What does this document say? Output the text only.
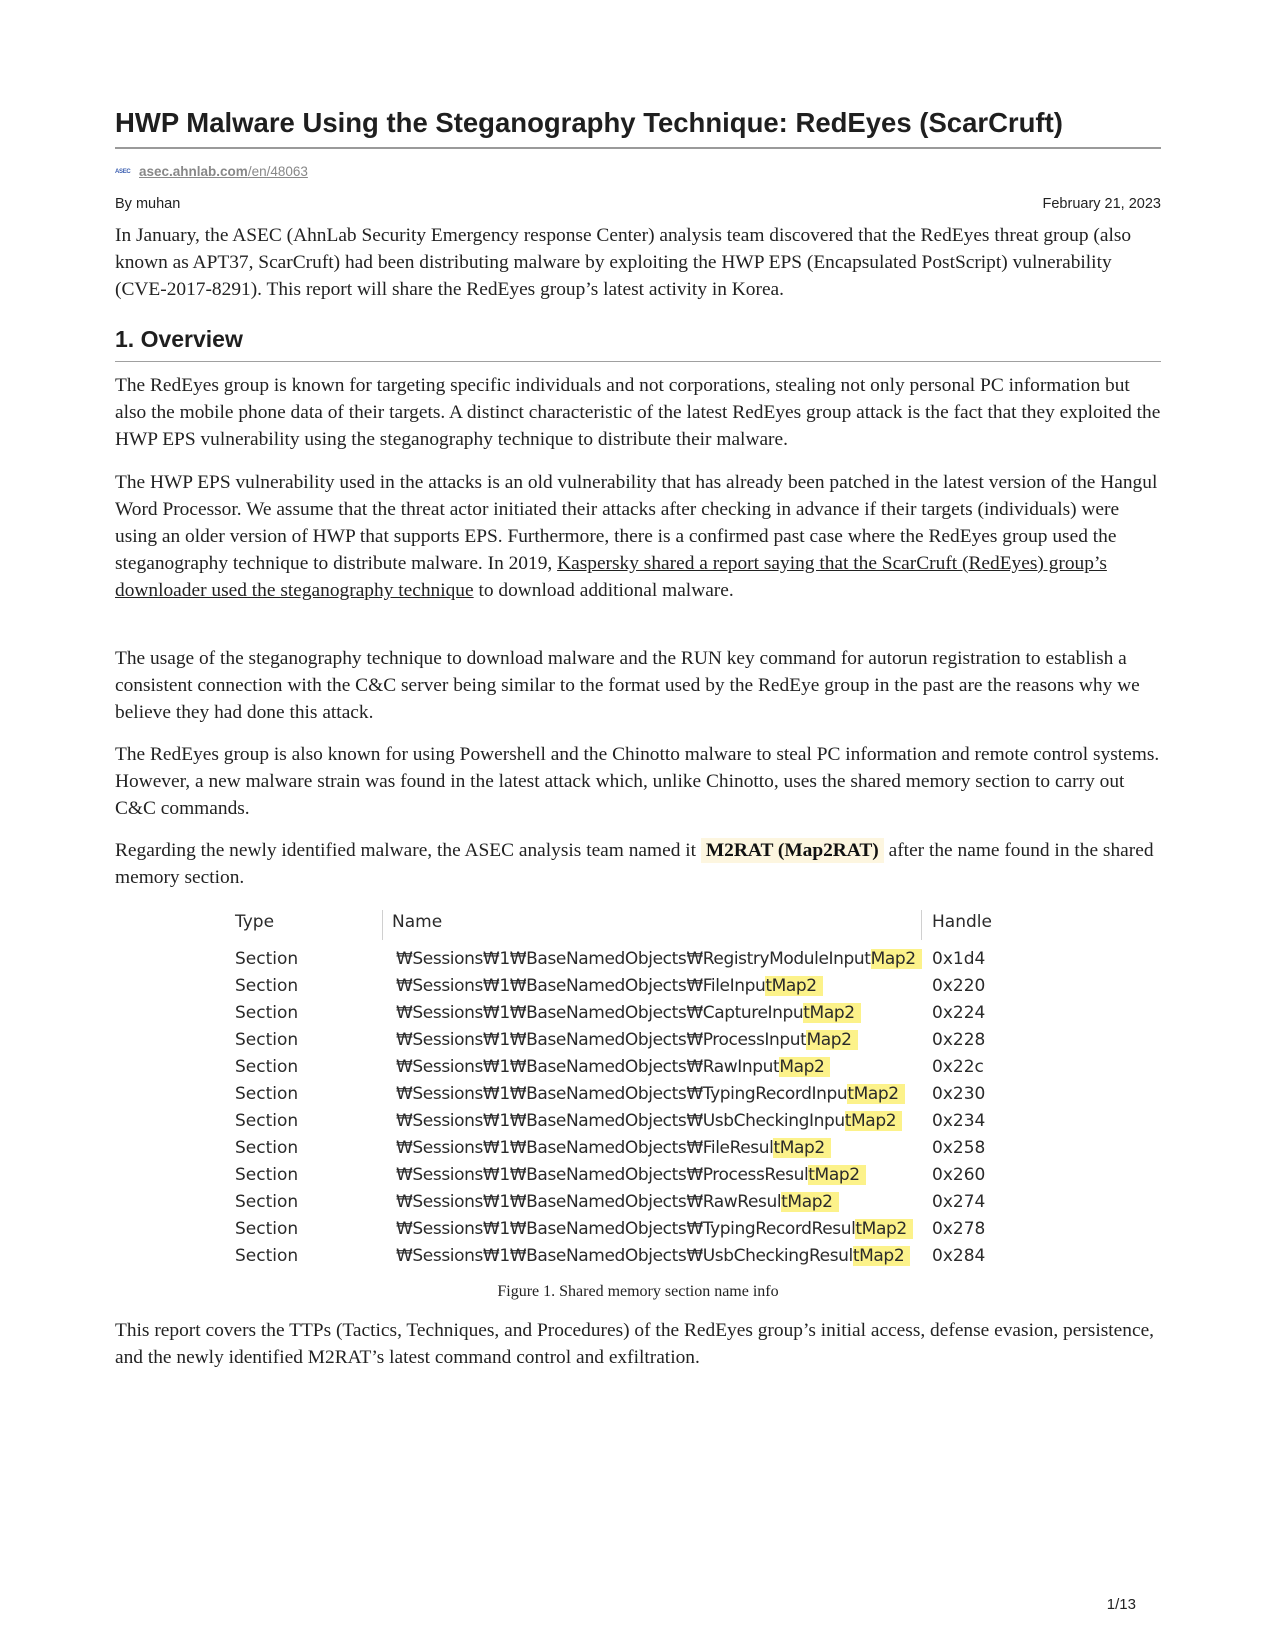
HWP Malware Using the Steganography Technique: RedEyes (ScarCruft)
ASEC asec.ahnlab.com/en/48063
By muhan	February 21, 2023

In January, the ASEC (AhnLab Security Emergency response Center) analysis team discovered that the RedEyes threat group (also known as APT37, ScarCruft) had been distributing malware by exploiting the HWP EPS (Encapsulated PostScript) vulnerability (CVE-2017-8291). This report will share the RedEyes group’s latest activity in Korea.

1. Overview

The RedEyes group is known for targeting specific individuals and not corporations, stealing not only personal PC information but also the mobile phone data of their targets. A distinct characteristic of the latest RedEyes group attack is the fact that they exploited the HWP EPS vulnerability using the steganography technique to distribute their malware.

The HWP EPS vulnerability used in the attacks is an old vulnerability that has already been patched in the latest version of the Hangul Word Processor. We assume that the threat actor initiated their attacks after checking in advance if their targets (individuals) were using an older version of HWP that supports EPS. Furthermore, there is a confirmed past case where the RedEyes group used the steganography technique to distribute malware. In 2019, Kaspersky shared a report saying that the ScarCruft (RedEyes) group’s downloader used the steganography technique to download additional malware.

The usage of the steganography technique to download malware and the RUN key command for autorun registration to establish a consistent connection with the C&C server being similar to the format used by the RedEye group in the past are the reasons why we believe they had done this attack.

The RedEyes group is also known for using Powershell and the Chinotto malware to steal PC information and remote control systems. However, a new malware strain was found in the latest attack which, unlike Chinotto, uses the shared memory section to carry out C&C commands.

Regarding the newly identified malware, the ASEC analysis team named it M2RAT (Map2RAT) after the name found in the shared memory section.

Type	Name	Handle
Section	₩Sessions₩1₩BaseNamedObjects₩RegistryModuleInputMap2 0x1d4
Section	₩Sessions₩1₩BaseNamedObjects₩FileInputMap2	0x220
Section	₩Sessions₩1₩BaseNamedObjects₩CaptureInputMap2	0x224
Section	₩Sessions₩1₩BaseNamedObjects₩ProcessInputMap2	0x228
Section	₩Sessions₩1₩BaseNamedObjects₩RawInputMap2	0x22c
Section	₩Sessions₩1₩BaseNamedObjects₩TypingRecordInputMap2	0x230
Section	₩Sessions₩1₩BaseNamedObjects₩UsbCheckingInputMap2	0x234
Section	₩Sessions₩1₩BaseNamedObjects₩FileResultMap2	0x258
Section	₩Sessions₩1₩BaseNamedObjects₩ProcessResultMap2	0x260
Section	₩Sessions₩1₩BaseNamedObjects₩RawResultMap2	0x274
Section	₩Sessions₩1₩BaseNamedObjects₩TypingRecordResultMap2	0x278
Section	₩Sessions₩1₩BaseNamedObjects₩UsbCheckingResultMap2	0x284
Figure 1. Shared memory section name info

This report covers the TTPs (Tactics, Techniques, and Procedures) of the RedEyes group’s initial access, defense evasion, persistence, and the newly identified M2RAT’s latest command control and exfiltration.

1/13
